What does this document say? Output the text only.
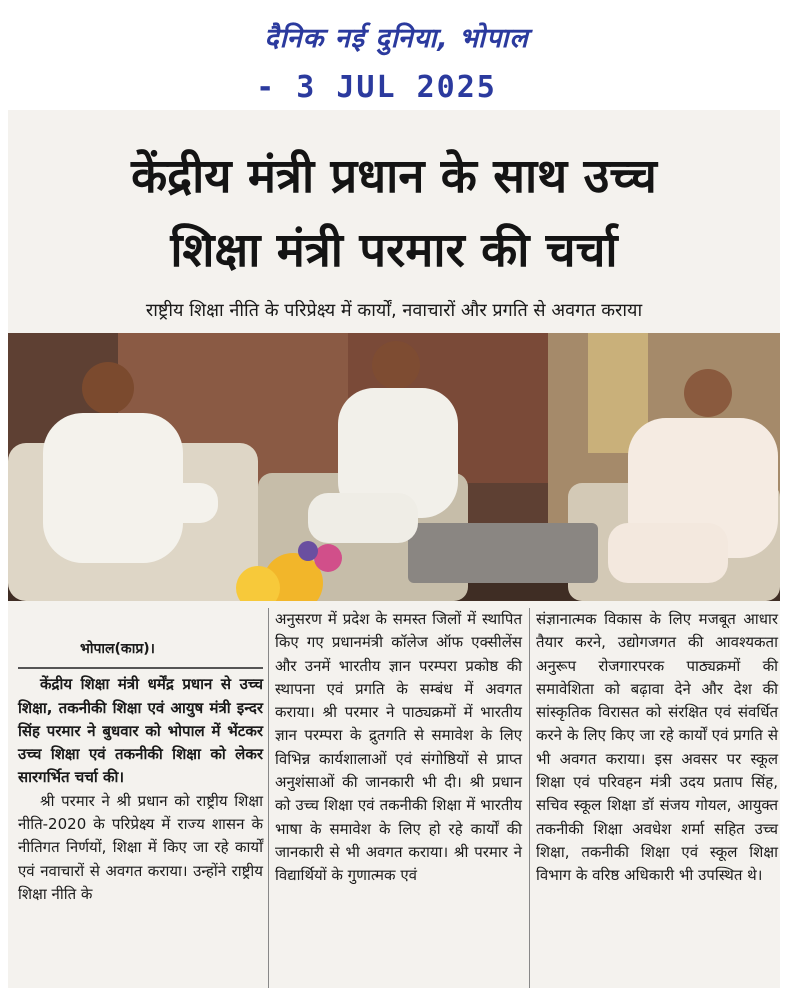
दैनिक नई दुनिया, भोपाल
- 3 JUL 2025
केंद्रीय मंत्री प्रधान के साथ उच्च
शिक्षा मंत्री परमार की चर्चा
राष्ट्रीय शिक्षा नीति के परिप्रेक्ष्य में कार्यों, नवाचारों और प्रगति से अवगत कराया

भोपाल(काप्र)।

केंद्रीय शिक्षा मंत्री धर्मेंद्र प्रधान से उच्च शिक्षा, तकनीकी शिक्षा एवं आयुष मंत्री इन्दर सिंह परमार ने बुधवार को भोपाल में भेंटकर उच्च शिक्षा एवं तकनीकी शिक्षा को लेकर सारगर्भित चर्चा की।

श्री परमार ने श्री प्रधान को राष्ट्रीय शिक्षा नीति-2020 के परिप्रेक्ष्य में राज्य शासन के नीतिगत निर्णयों, शिक्षा में किए जा रहे कार्यों एवं नवाचारों से अवगत कराया। उन्होंने राष्ट्रीय शिक्षा नीति के

अनुसरण में प्रदेश के समस्त जिलों में स्थापित किए गए प्रधानमंत्री कॉलेज ऑफ एक्सीलेंस और उनमें भारतीय ज्ञान परम्परा प्रकोष्ठ की स्थापना एवं प्रगति के सम्बंध में अवगत कराया। श्री परमार ने पाठ्यक्रमों में भारतीय ज्ञान परम्परा के द्रुतगति से समावेश के लिए विभिन्न कार्यशालाओं एवं संगोष्ठियों से प्राप्त अनुशंसाओं की जानकारी भी दी। श्री प्रधान को उच्च शिक्षा एवं तकनीकी शिक्षा में भारतीय भाषा के समावेश के लिए हो रहे कार्यों की जानकारी से भी अवगत कराया। श्री परमार ने विद्यार्थियों के गुणात्मक एवं

संज्ञानात्मक विकास के लिए मजबूत आधार तैयार करने, उद्योगजगत की आवश्यकता अनुरूप रोजगारपरक पाठ्यक्रमों की समावेशिता को बढ़ावा देने और देश की सांस्कृतिक विरासत को संरक्षित एवं संवर्धित करने के लिए किए जा रहे कार्यों एवं प्रगति से भी अवगत कराया। इस अवसर पर स्कूल शिक्षा एवं परिवहन मंत्री उदय प्रताप सिंह, सचिव स्कूल शिक्षा डॉ संजय गोयल, आयुक्त तकनीकी शिक्षा अवधेश शर्मा सहित उच्च शिक्षा, तकनीकी शिक्षा एवं स्कूल शिक्षा विभाग के वरिष्ठ अधिकारी भी उपस्थित थे।
